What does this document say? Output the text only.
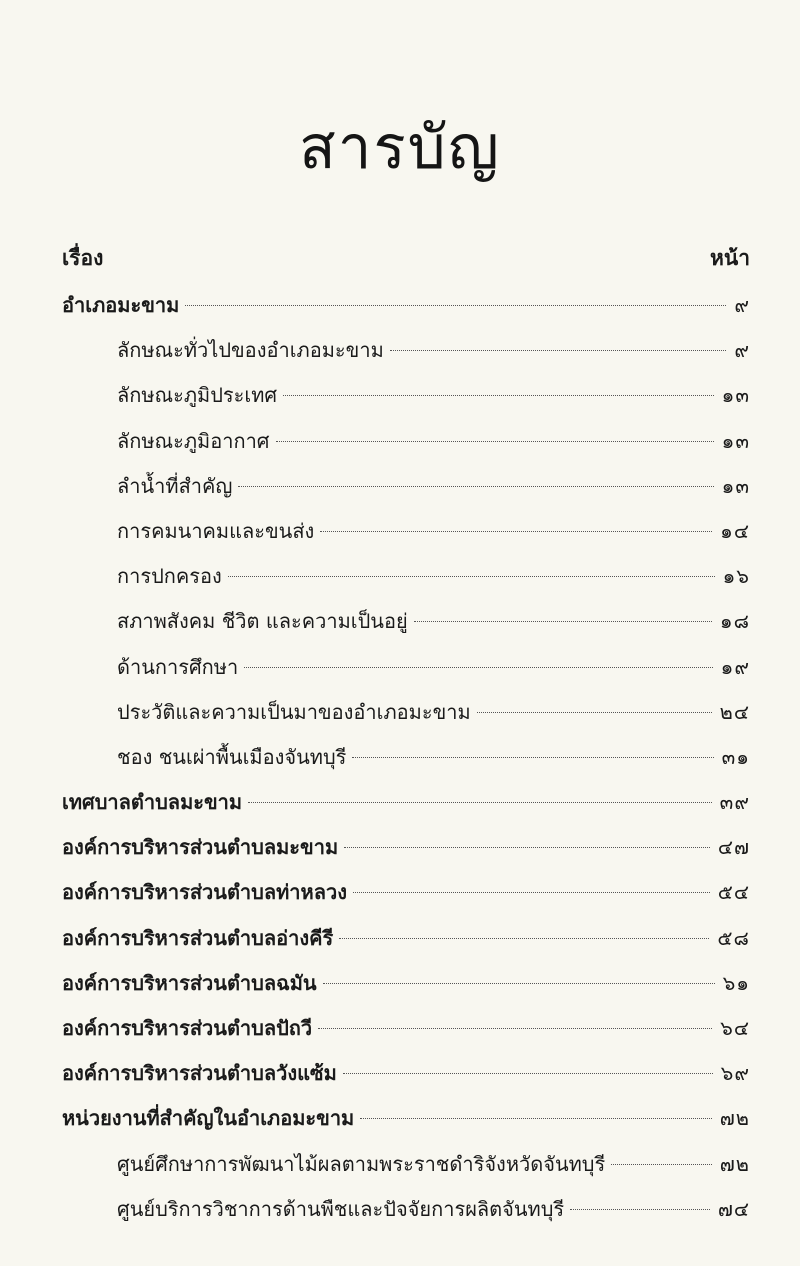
สารบัญ
เรื่อง	หน้า
อำเภอมะขาม	๙
ลักษณะทั่วไปของอำเภอมะขาม	๙
ลักษณะภูมิประเทศ	๑๓
ลักษณะภูมิอากาศ	๑๓
ลำน้ำที่สำคัญ	๑๓
การคมนาคมและขนส่ง	๑๔
การปกครอง	๑๖
สภาพสังคม ชีวิต และความเป็นอยู่	๑๘
ด้านการศึกษา	๑๙
ประวัติและความเป็นมาของอำเภอมะขาม	๒๔
ชอง ชนเผ่าพื้นเมืองจันทบุรี	๓๑
เทศบาลตำบลมะขาม	๓๙
องค์การบริหารส่วนตำบลมะขาม	๔๗
องค์การบริหารส่วนตำบลท่าหลวง	๕๔
องค์การบริหารส่วนตำบลอ่างคีรี	๕๘
องค์การบริหารส่วนตำบลฉมัน	๖๑
องค์การบริหารส่วนตำบลปัถวี	๖๔
องค์การบริหารส่วนตำบลวังแซ้ม	๖๙
หน่วยงานที่สำคัญในอำเภอมะขาม	๗๒
ศูนย์ศึกษาการพัฒนาไม้ผลตามพระราชดำริจังหวัดจันทบุรี	๗๒
ศูนย์บริการวิชาการด้านพืชและปัจจัยการผลิตจันทบุรี	๗๔
